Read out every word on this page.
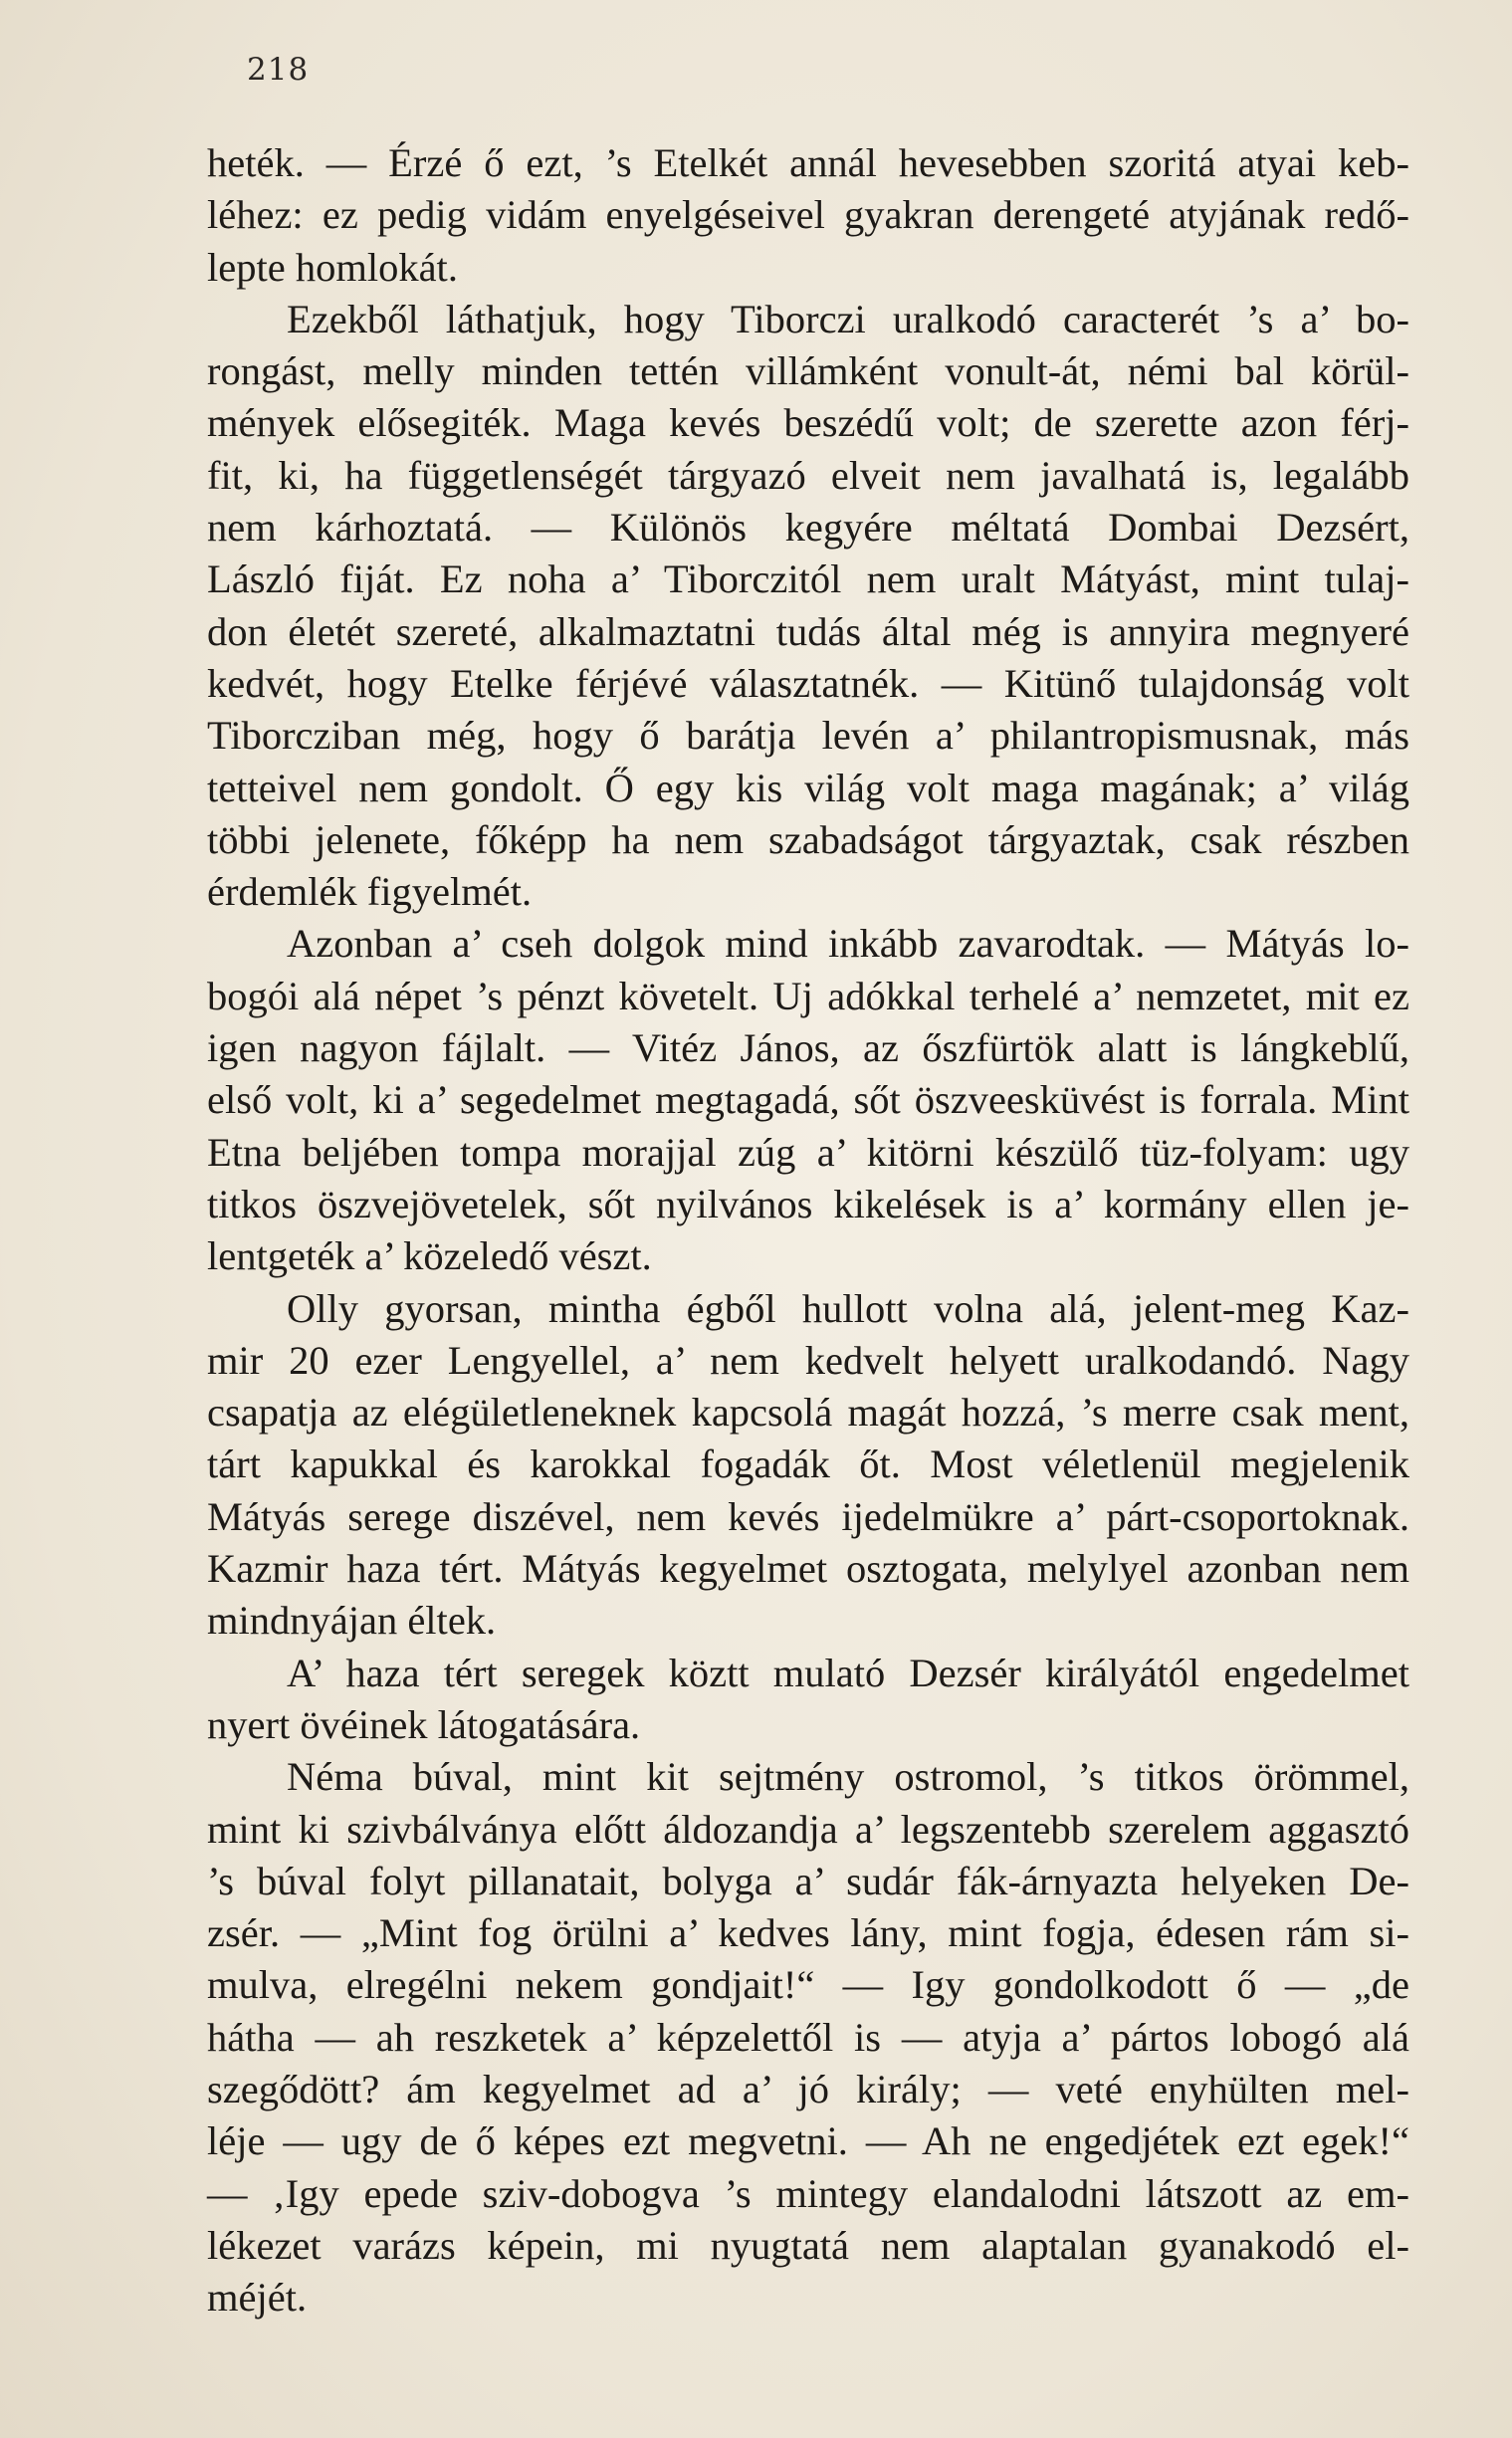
218
heték. — Érzé ő ezt, ’s Etelkét annál hevesebben szoritá atyai keb-
léhez: ez pedig vidám enyelgéseivel gyakran derengeté atyjának redő-
lepte homlokát.
Ezekből láthatjuk, hogy Tiborczi uralkodó caracterét ’s a’ bo-
rongást, melly minden tettén villámként vonult-át, némi bal körül-
mények elősegiték. Maga kevés beszédű volt; de szerette azon férj-
fit, ki, ha függetlenségét tárgyazó elveit nem javalhatá is, legalább
nem kárhoztatá. — Különös kegyére méltatá Dombai Dezsért,
László fiját. Ez noha a’ Tiborczitól nem uralt Mátyást, mint tulaj-
don életét szereté, alkalmaztatni tudás által még is annyira megnyeré
kedvét, hogy Etelke férjévé választatnék. — Kitünő tulajdonság volt
Tiborcziban még, hogy ő barátja levén a’ philantropismusnak, más
tetteivel nem gondolt. Ő egy kis világ volt maga magának; a’ világ
többi jelenete, főképp ha nem szabadságot tárgyaztak, csak részben
érdemlék figyelmét.
Azonban a’ cseh dolgok mind inkább zavarodtak. — Mátyás lo-
bogói alá népet ’s pénzt követelt. Uj adókkal terhelé a’ nemzetet, mit ez
igen nagyon fájlalt. — Vitéz János, az őszfürtök alatt is lángkeblű,
első volt, ki a’ segedelmet megtagadá, sőt öszveesküvést is forrala. Mint
Etna beljében tompa morajjal zúg a’ kitörni készülő tüz-folyam: ugy
titkos öszvejövetelek, sőt nyilvános kikelések is a’ kormány ellen je-
lentgeték a’ közeledő vészt.
Olly gyorsan, mintha égből hullott volna alá, jelent-meg Kaz-
mir 20 ezer Lengyellel, a’ nem kedvelt helyett uralkodandó. Nagy
csapatja az elégületleneknek kapcsolá magát hozzá, ’s merre csak ment,
tárt kapukkal és karokkal fogadák őt. Most véletlenül megjelenik
Mátyás serege diszével, nem kevés ijedelmükre a’ párt-csoportoknak.
Kazmir haza tért. Mátyás kegyelmet osztogata, melylyel azonban nem
mindnyájan éltek.
A’ haza tért seregek köztt mulató Dezsér királyától engedelmet
nyert övéinek látogatására.
Néma búval, mint kit sejtmény ostromol, ’s titkos örömmel,
mint ki szivbálványa előtt áldozandja a’ legszentebb szerelem aggasztó
’s búval folyt pillanatait, bolyga a’ sudár fák-árnyazta helyeken De-
zsér. — „Mint fog örülni a’ kedves lány, mint fogja, édesen rám si-
mulva, elregélni nekem gondjait!“ — Igy gondolkodott ő — „de
hátha — ah reszketek a’ képzelettől is — atyja a’ pártos lobogó alá
szegődött? ám kegyelmet ad a’ jó király; — veté enyhülten mel-
léje — ugy de ő képes ezt megvetni. — Ah ne engedjétek ezt egek!“
— ‚Igy epede sziv-dobogva ’s mintegy elandalodni látszott az em-
lékezet varázs képein, mi nyugtatá nem alaptalan gyanakodó el-
méjét.
